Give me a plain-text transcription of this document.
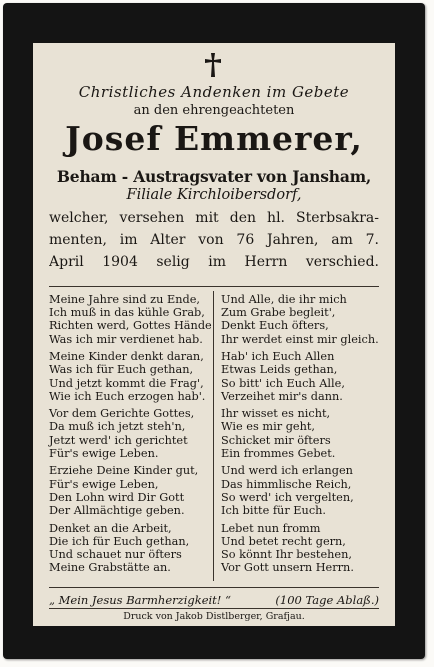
Christliches Andenken im Gebete
an den ehrengeachteten
Josef Emmerer,
Beham - Austragsvater von Jansham,
Filiale Kirchloibersdorf,
welcher, versehen mit den hl. Sterbsakra-
menten, im Alter von 76 Jahren, am 7.
April 1904 selig im Herrn verschied.
Meine Jahre sind zu Ende,
Ich muß in das kühle Grab,
Richten werd, Gottes Hände
Was ich mir verdienet hab.
Meine Kinder denkt daran,
Was ich für Euch gethan,
Und jetzt kommt die Frag',
Wie ich Euch erzogen hab'.
Vor dem Gerichte Gottes,
Da muß ich jetzt steh'n,
Jetzt werd' ich gerichtet
Für's ewige Leben.
Erziehe Deine Kinder gut,
Für's ewige Leben,
Den Lohn wird Dir Gott
Der Allmächtige geben.
Denket an die Arbeit,
Die ich für Euch gethan,
Und schauet nur öfters
Meine Grabstätte an.
Und Alle, die ihr mich
Zum Grabe begleit',
Denkt Euch öfters,
Ihr werdet einst mir gleich.
Hab' ich Euch Allen
Etwas Leids gethan,
So bitt' ich Euch Alle,
Verzeihet mir's dann.
Ihr wisset es nicht,
Wie es mir geht,
Schicket mir öfters
Ein frommes Gebet.
Und werd ich erlangen
Das himmlische Reich,
So werd' ich vergelten,
Ich bitte für Euch.
Lebet nun fromm
Und betet recht gern,
So könnt Ihr bestehen,
Vor Gott unsern Herrn.
„ Mein Jesus Barmherzigkeit! “	(100 Tage Ablaß.)
Druck von Jakob Distlberger, Grafjau.
